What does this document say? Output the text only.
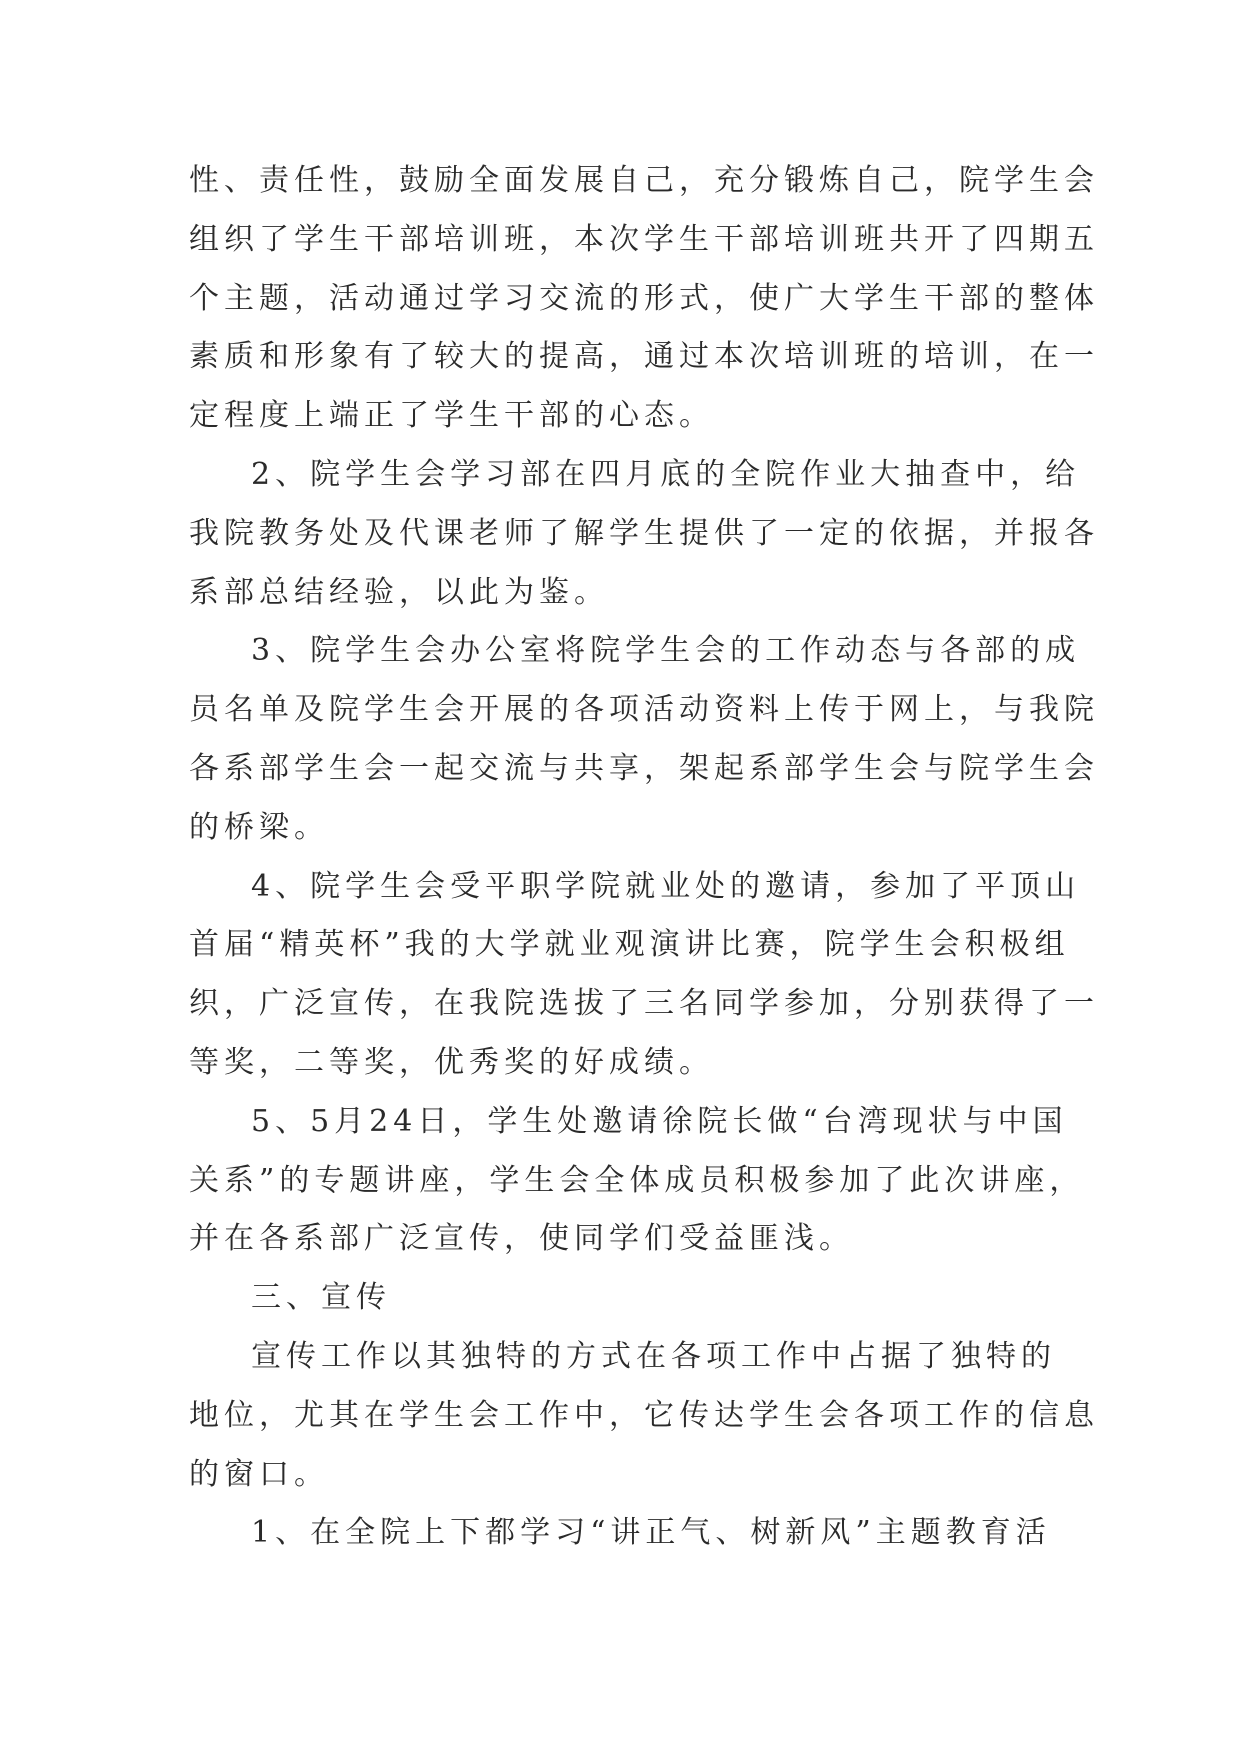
性、责任性，鼓励全面发展自己，充分锻炼自己，院学生会

组织了学生干部培训班，本次学生干部培训班共开了四期五

个主题，活动通过学习交流的形式，使广大学生干部的整体

素质和形象有了较大的提高，通过本次培训班的培训，在一

定程度上端正了学生干部的心态。

2、院学生会学习部在四月底的全院作业大抽查中，给

我院教务处及代课老师了解学生提供了一定的依据，并报各

系部总结经验，以此为鉴。

3、院学生会办公室将院学生会的工作动态与各部的成

员名单及院学生会开展的各项活动资料上传于网上，与我院

各系部学生会一起交流与共享，架起系部学生会与院学生会

的桥梁。

4、院学生会受平职学院就业处的邀请，参加了平顶山

首届“精英杯”我的大学就业观演讲比赛，院学生会积极组

织，广泛宣传，在我院选拔了三名同学参加，分别获得了一

等奖，二等奖，优秀奖的好成绩。

5、5月24日，学生处邀请徐院长做“台湾现状与中国

关系”的专题讲座，学生会全体成员积极参加了此次讲座，

并在各系部广泛宣传，使同学们受益匪浅。

三、宣传

宣传工作以其独特的方式在各项工作中占据了独特的

地位，尤其在学生会工作中，它传达学生会各项工作的信息

的窗口。

1、在全院上下都学习“讲正气、树新风”主题教育活
